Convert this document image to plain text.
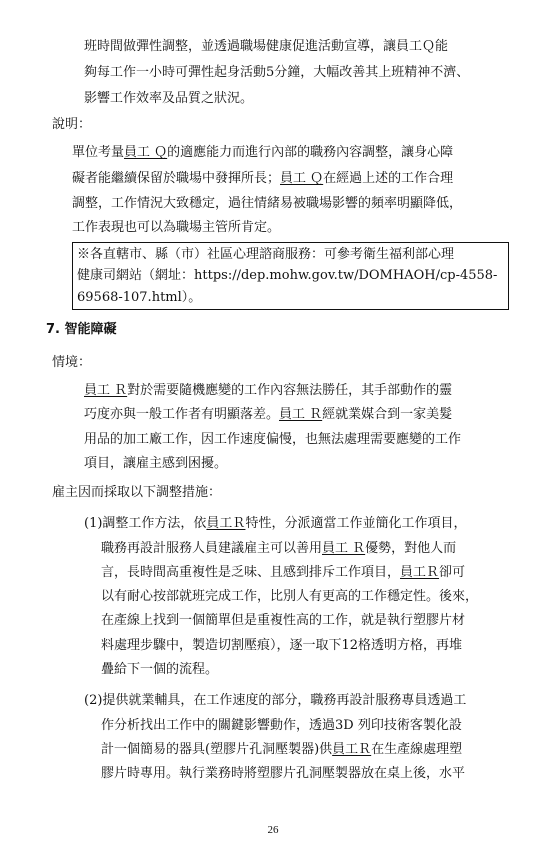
班時間做彈性調整，並透過職場健康促進活動宣導，讓員工Ｑ能
夠每工作一小時可彈性起身活動5分鐘，大幅改善其上班精神不濟、
影響工作效率及品質之狀況。
說明：
單位考量員工 Ｑ的適應能力而進行內部的職務內容調整，讓身心障
礙者能繼續保留於職場中發揮所長；員工 Ｑ在經過上述的工作合理
調整，工作情況大致穩定，過往情緒易被職場影響的頻率明顯降低，
工作表現也可以為職場主管所肯定。
※各直轄市、縣（市）社區心理諮商服務：可參考衛生福利部心理
健康司網站（網址：https://dep.mohw.gov.tw/DOMHAOH/cp-4558-
69568-107.html）。
7. 智能障礙
情境：
員工 Ｒ對於需要隨機應變的工作內容無法勝任，其手部動作的靈
巧度亦與一般工作者有明顯落差。員工 Ｒ經就業媒合到一家美髮
用品的加工廠工作，因工作速度偏慢，也無法處理需要應變的工作
項目，讓雇主感到困擾。
雇主因而採取以下調整措施：
(1)調整工作方法，依員工Ｒ特性，分派適當工作並簡化工作項目，
職務再設計服務人員建議雇主可以善用員工 Ｒ優勢，對他人而
言，長時間高重複性是乏味、且感到排斥工作項目，員工Ｒ卻可
以有耐心按部就班完成工作，比別人有更高的工作穩定性。後來，
在產線上找到一個簡單但是重複性高的工作，就是執行塑膠片材
料處理步驟中，製造切割壓痕），逐一取下12格透明方格，再堆
疊給下一個的流程。
(2)提供就業輔具，在工作速度的部分，職務再設計服務專員透過工
作分析找出工作中的關鍵影響動作，透過3D 列印技術客製化設
計一個簡易的器具(塑膠片孔洞壓製器)供員工Ｒ在生產線處理塑
膠片時專用。執行業務時將塑膠片孔洞壓製器放在桌上後，水平
26
